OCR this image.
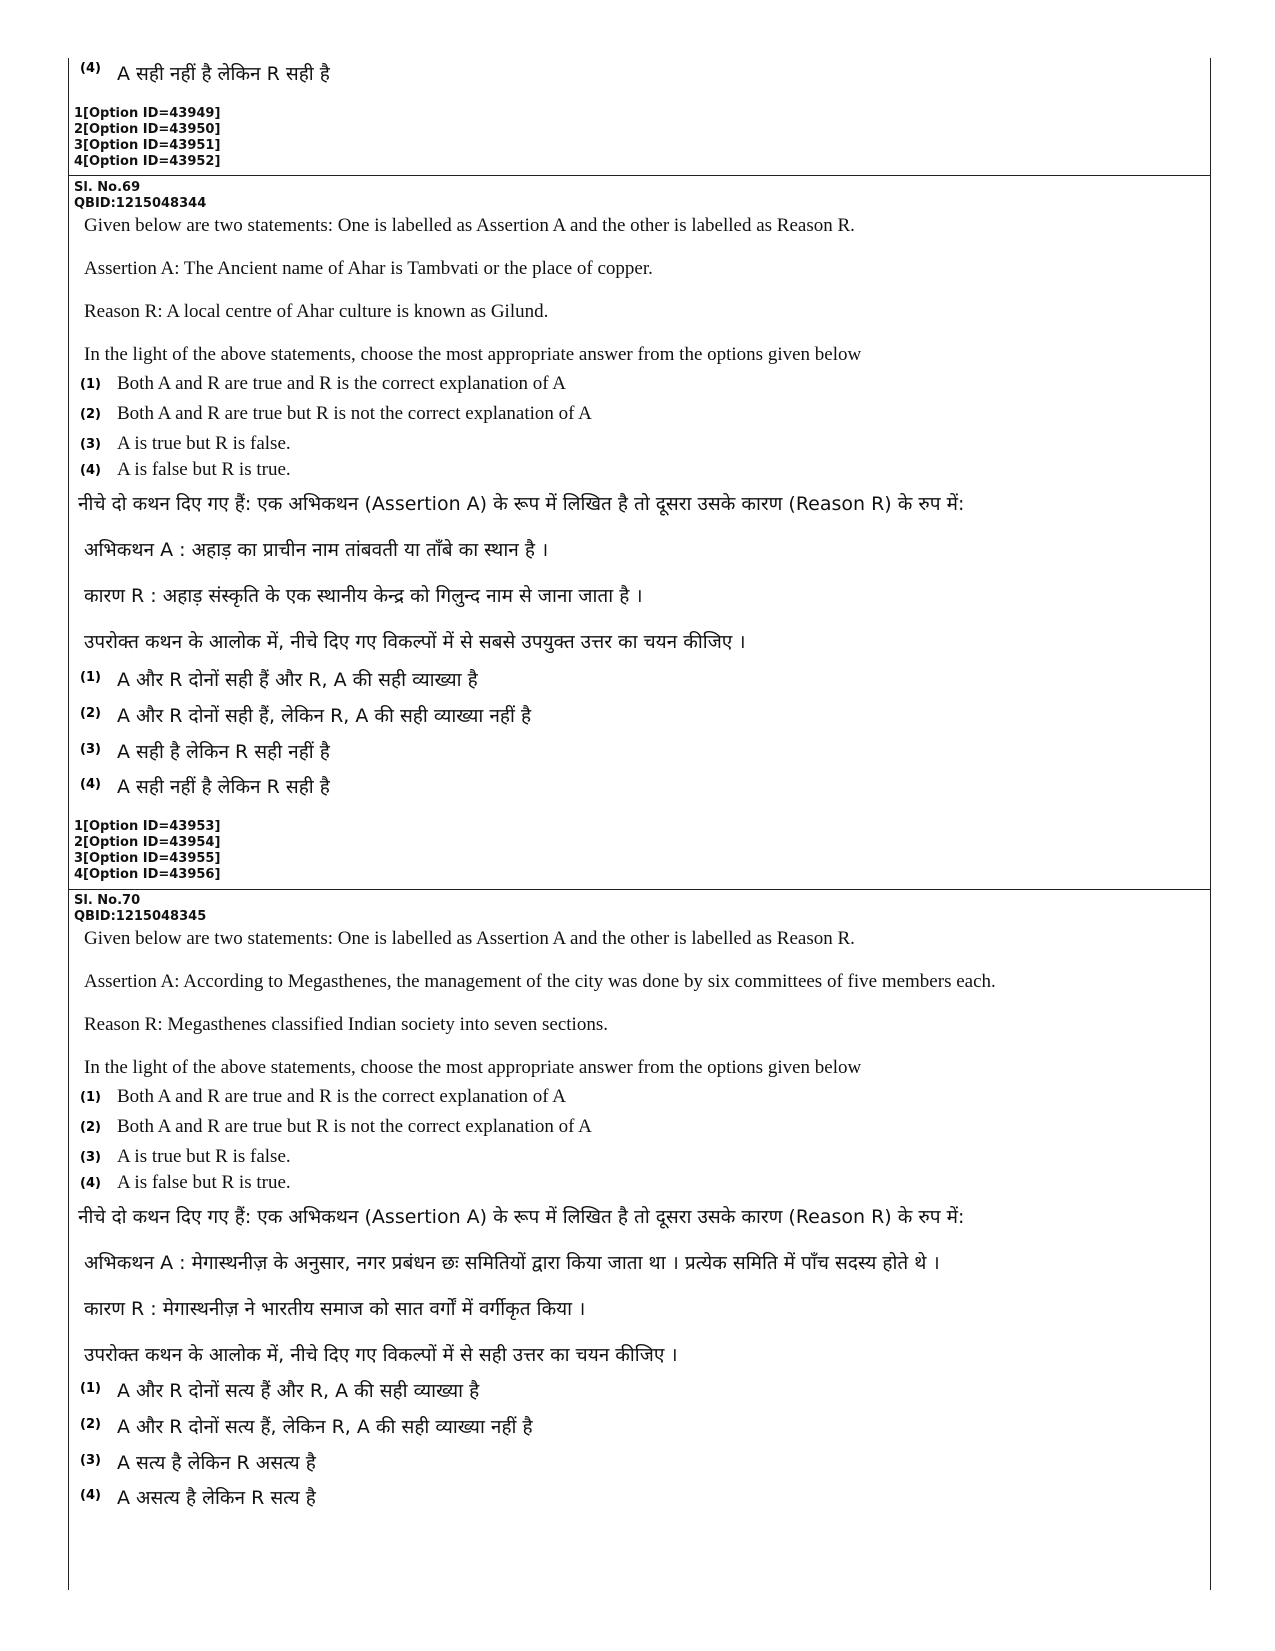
(4) A सही नहीं है लेकिन R सही है
1[Option ID=43949]
2[Option ID=43950]
3[Option ID=43951]
4[Option ID=43952]
Sl. No.69
QBID:1215048344
Given below are two statements: One is labelled as Assertion A and the other is labelled as Reason R.
Assertion A: The Ancient name of Ahar is Tambvati or the place of copper.
Reason R: A local centre of Ahar culture is known as Gilund.
In the light of the above statements, choose the most appropriate answer from the options given below
(1) Both A and R are true and R is the correct explanation of A
(2) Both A and R are true but R is not the correct explanation of A
(3) A is true but R is false.
(4) A is false but R is true.
नीचे दो कथन दिए गए हैं: एक अभिकथन (Assertion A) के रूप में लिखित है तो दूसरा उसके कारण (Reason R) के रुप में:
अभिकथन A : अहाड़ का प्राचीन नाम तांबवती या ताँबे का स्थान है ।
कारण R : अहाड़ संस्कृति के एक स्थानीय केन्द्र को गिलुन्द नाम से जाना जाता है ।
उपरोक्त कथन के आलोक में, नीचे दिए गए विकल्पों में से सबसे उपयुक्त उत्तर का चयन कीजिए ।
(1) A और R दोनों सही हैं और R, A की सही व्याख्या है
(2) A और R दोनों सही हैं, लेकिन R, A की सही व्याख्या नहीं है
(3) A सही है लेकिन R सही नहीं है
(4) A सही नहीं है लेकिन R सही है
1[Option ID=43953]
2[Option ID=43954]
3[Option ID=43955]
4[Option ID=43956]
Sl. No.70
QBID:1215048345
Given below are two statements: One is labelled as Assertion A and the other is labelled as Reason R.
Assertion A: According to Megasthenes, the management of the city was done by six committees of five members each.
Reason R: Megasthenes classified Indian society into seven sections.
In the light of the above statements, choose the most appropriate answer from the options given below
(1) Both A and R are true and R is the correct explanation of A
(2) Both A and R are true but R is not the correct explanation of A
(3) A is true but R is false.
(4) A is false but R is true.
नीचे दो कथन दिए गए हैं: एक अभिकथन (Assertion A) के रूप में लिखित है तो दूसरा उसके कारण (Reason R) के रुप में:
अभिकथन A : मेगास्थनीज़ के अनुसार, नगर प्रबंधन छः समितियों द्वारा किया जाता था । प्रत्येक समिति में पाँच सदस्य होते थे ।
कारण R : मेगास्थनीज़ ने भारतीय समाज को सात वर्गों में वर्गीकृत किया ।
उपरोक्त कथन के आलोक में, नीचे दिए गए विकल्पों में से सही उत्तर का चयन कीजिए ।
(1) A और R दोनों सत्य हैं और R, A की सही व्याख्या है
(2) A और R दोनों सत्य हैं, लेकिन R, A की सही व्याख्या नहीं है
(3) A सत्य है लेकिन R असत्य है
(4) A असत्य है लेकिन R सत्य है
